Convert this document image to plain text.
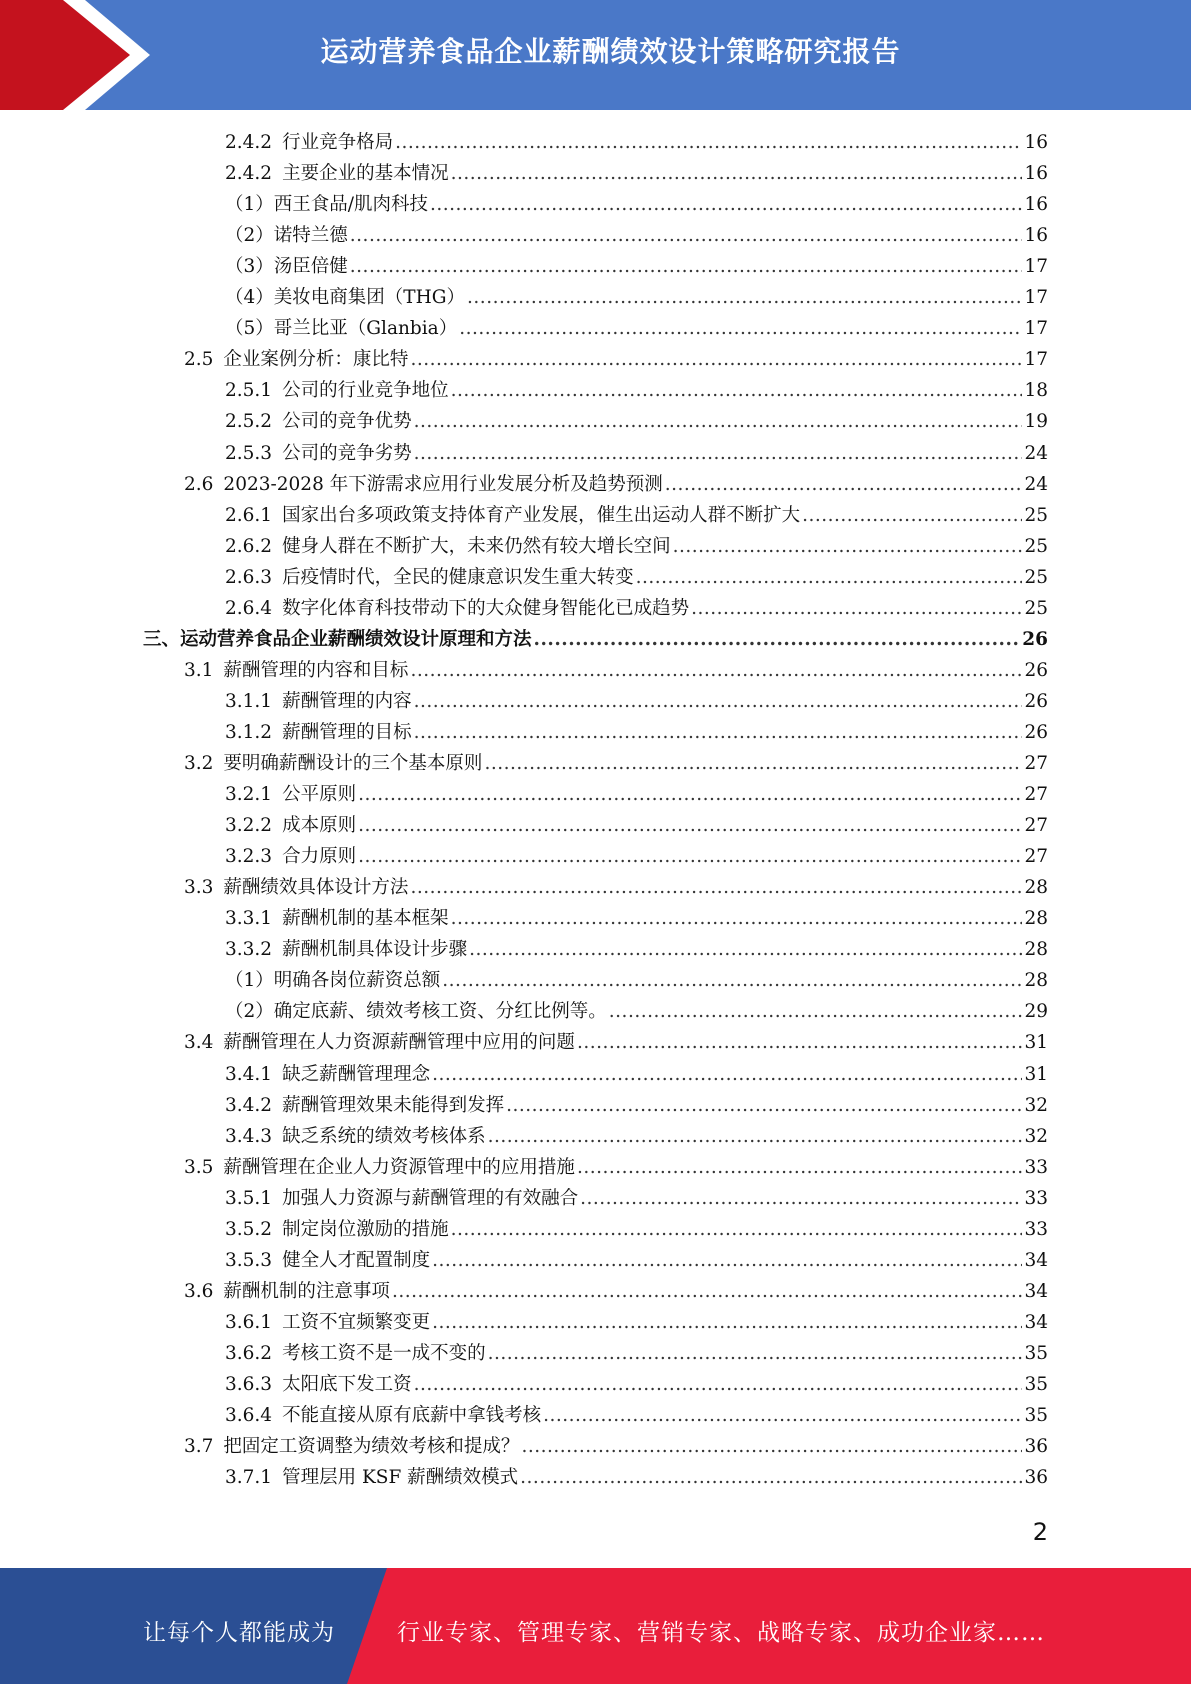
运动营养食品企业薪酬绩效设计策略研究报告
2.4.2 行业竞争格局 .....	16
2.4.2 主要企业的基本情况 .....	16
（1） 西王食品/肌肉科技 .....	16
（2） 诺特兰德 .....	16
（3） 汤臣倍健 .....	17
（4） 美妆电商集团（THG） .....	17
（5） 哥兰比亚（Glanbia） .....	17
2.5 企业案例分析：康比特 .....	17
2.5.1 公司的行业竞争地位 .....	18
2.5.2 公司的竞争优势 .....	19
2.5.3 公司的竞争劣势 .....	24
2.6 2023-2028 年下游需求应用行业发展分析及趋势预测 .....	24
2.6.1 国家出台多项政策支持体育产业发展，催生出运动人群不断扩大 .....	25
2.6.2 健身人群在不断扩大，未来仍然有较大增长空间 .....	25
2.6.3 后疫情时代，全民的健康意识发生重大转变 .....	25
2.6.4 数字化体育科技带动下的大众健身智能化已成趋势 .....	25
三、 运动营养食品企业薪酬绩效设计原理和方法 .....	26
3.1 薪酬管理的内容和目标 .....	26
3.1.1 薪酬管理的内容 .....	26
3.1.2 薪酬管理的目标 .....	26
3.2 要明确薪酬设计的三个基本原则 .....	27
3.2.1 公平原则 .....	27
3.2.2 成本原则 .....	27
3.2.3 合力原则 .....	27
3.3 薪酬绩效具体设计方法 .....	28
3.3.1 薪酬机制的基本框架 .....	28
3.3.2 薪酬机制具体设计步骤 .....	28
（1） 明确各岗位薪资总额 .....	28
（2） 确定底薪、绩效考核工资、分红比例等。 .....	29
3.4 薪酬管理在人力资源薪酬管理中应用的问题 .....	31
3.4.1 缺乏薪酬管理理念 .....	31
3.4.2 薪酬管理效果未能得到发挥 .....	32
3.4.3 缺乏系统的绩效考核体系 .....	32
3.5 薪酬管理在企业人力资源管理中的应用措施 .....	33
3.5.1 加强人力资源与薪酬管理的有效融合 .....	33
3.5.2 制定岗位激励的措施 .....	33
3.5.3 健全人才配置制度 .....	34
3.6 薪酬机制的注意事项 .....	34
3.6.1 工资不宜频繁变更 .....	34
3.6.2 考核工资不是一成不变的 .....	35
3.6.3 太阳底下发工资 .....	35
3.6.4 不能直接从原有底薪中拿钱考核 .....	35
3.7 把固定工资调整为绩效考核和提成？ .....	36
3.7.1 管理层用 KSF 薪酬绩效模式 .....	36
2
让每个人都能成为	行业专家、管理专家、营销专家、战略专家、成功企业家……
